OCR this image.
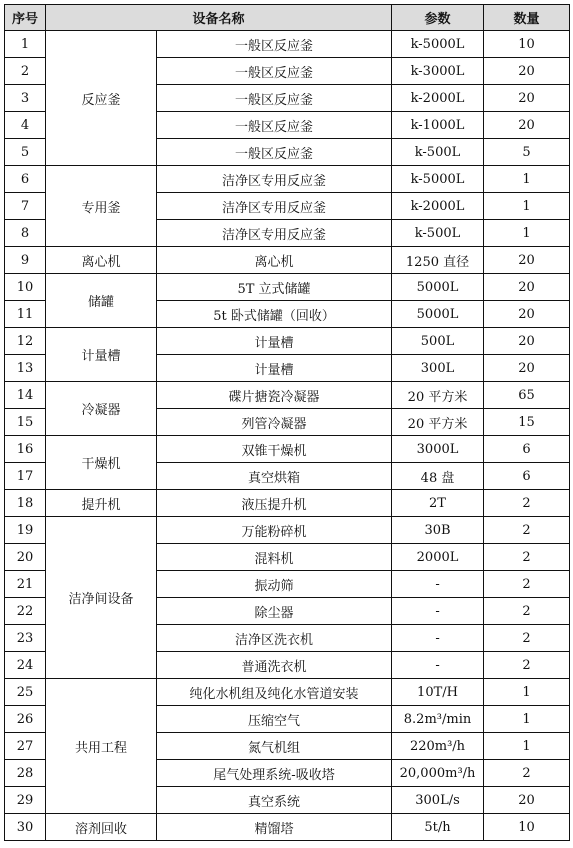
序号	设备名称		参数	数量
1	反应釜	一般区反应釜	k-5000L	10
2		一般区反应釜	k-3000L	20
3		一般区反应釜	k-2000L	20
4		一般区反应釜	k-1000L	20
5		一般区反应釜	k-500L	5
6	专用釜	洁净区专用反应釜	k-5000L	1
7		洁净区专用反应釜	k-2000L	1
8		洁净区专用反应釜	k-500L	1
9	离心机	离心机	1250 直径	20
10	储罐	5T 立式储罐	5000L	20
11		5t 卧式储罐（回收）	5000L	20
12	计量槽	计量槽	500L	20
13		计量槽	300L	20
14	冷凝器	碟片搪瓷冷凝器	20 平方米	65
15		列管冷凝器	20 平方米	15
16	干燥机	双锥干燥机	3000L	6
17		真空烘箱	48 盘	6
18	提升机	液压提升机	2T	2
19	洁净间设备	万能粉碎机	30B	2
20		混料机	2000L	2
21		振动筛	-	2
22		除尘器	-	2
23		洁净区洗衣机	-	2
24		普通洗衣机	-	2
25	共用工程	纯化水机组及纯化水管道安装	10T/H	1
26		压缩空气	8.2m³/min	1
27		氮气机组	220m³/h	1
28		尾气处理系统-吸收塔	20,000m³/h	2
29		真空系统	300L/s	20
30	溶剂回收	精馏塔	5t/h	10
